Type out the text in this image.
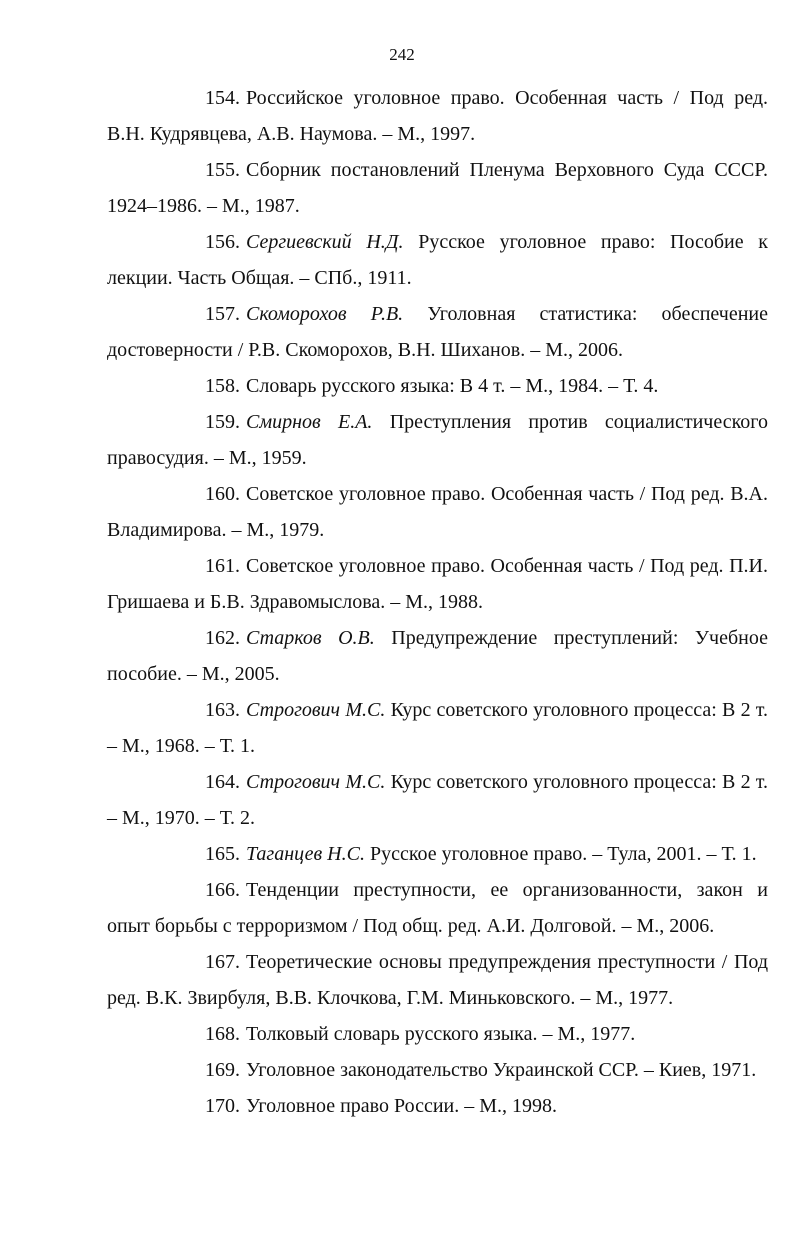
242

154. Российское уголовное право. Особенная часть / Под ред. В.Н. Кудрявцева, А.В. Наумова. – М., 1997.

155. Сборник постановлений Пленума Верховного Суда СССР. 1924–1986. – М., 1987.

156. Сергиевский Н.Д. Русское уголовное право: Пособие к лекции. Часть Общая. – СПб., 1911.

157. Скоморохов Р.В. Уголовная статистика: обеспечение достоверности / Р.В. Скоморохов, В.Н. Шиханов. – М., 2006.

158. Словарь русского языка: В 4 т. – М., 1984. – Т. 4.

159. Смирнов Е.А. Преступления против социалистического правосудия. – М., 1959.

160. Советское уголовное право. Особенная часть / Под ред. В.А. Владимирова. – М., 1979.

161. Советское уголовное право. Особенная часть / Под ред. П.И. Гришаева и Б.В. Здравомыслова. – М., 1988.

162. Старков О.В. Предупреждение преступлений: Учебное пособие. – М., 2005.

163. Строгович М.С. Курс советского уголовного процесса: В 2 т. – М., 1968. – Т. 1.

164. Строгович М.С. Курс советского уголовного процесса: В 2 т. – М., 1970. – Т. 2.

165. Таганцев Н.С. Русское уголовное право. – Тула, 2001. – Т. 1.

166. Тенденции преступности, ее организованности, закон и опыт борьбы с терроризмом / Под общ. ред. А.И. Долговой. – М., 2006.

167. Теоретические основы предупреждения преступности / Под ред. В.К. Звирбуля, В.В. Клочкова, Г.М. Миньковского. – М., 1977.

168. Толковый словарь русского языка. – М., 1977.

169. Уголовное законодательство Украинской ССР. – Киев, 1971.

170. Уголовное право России. – М., 1998.
